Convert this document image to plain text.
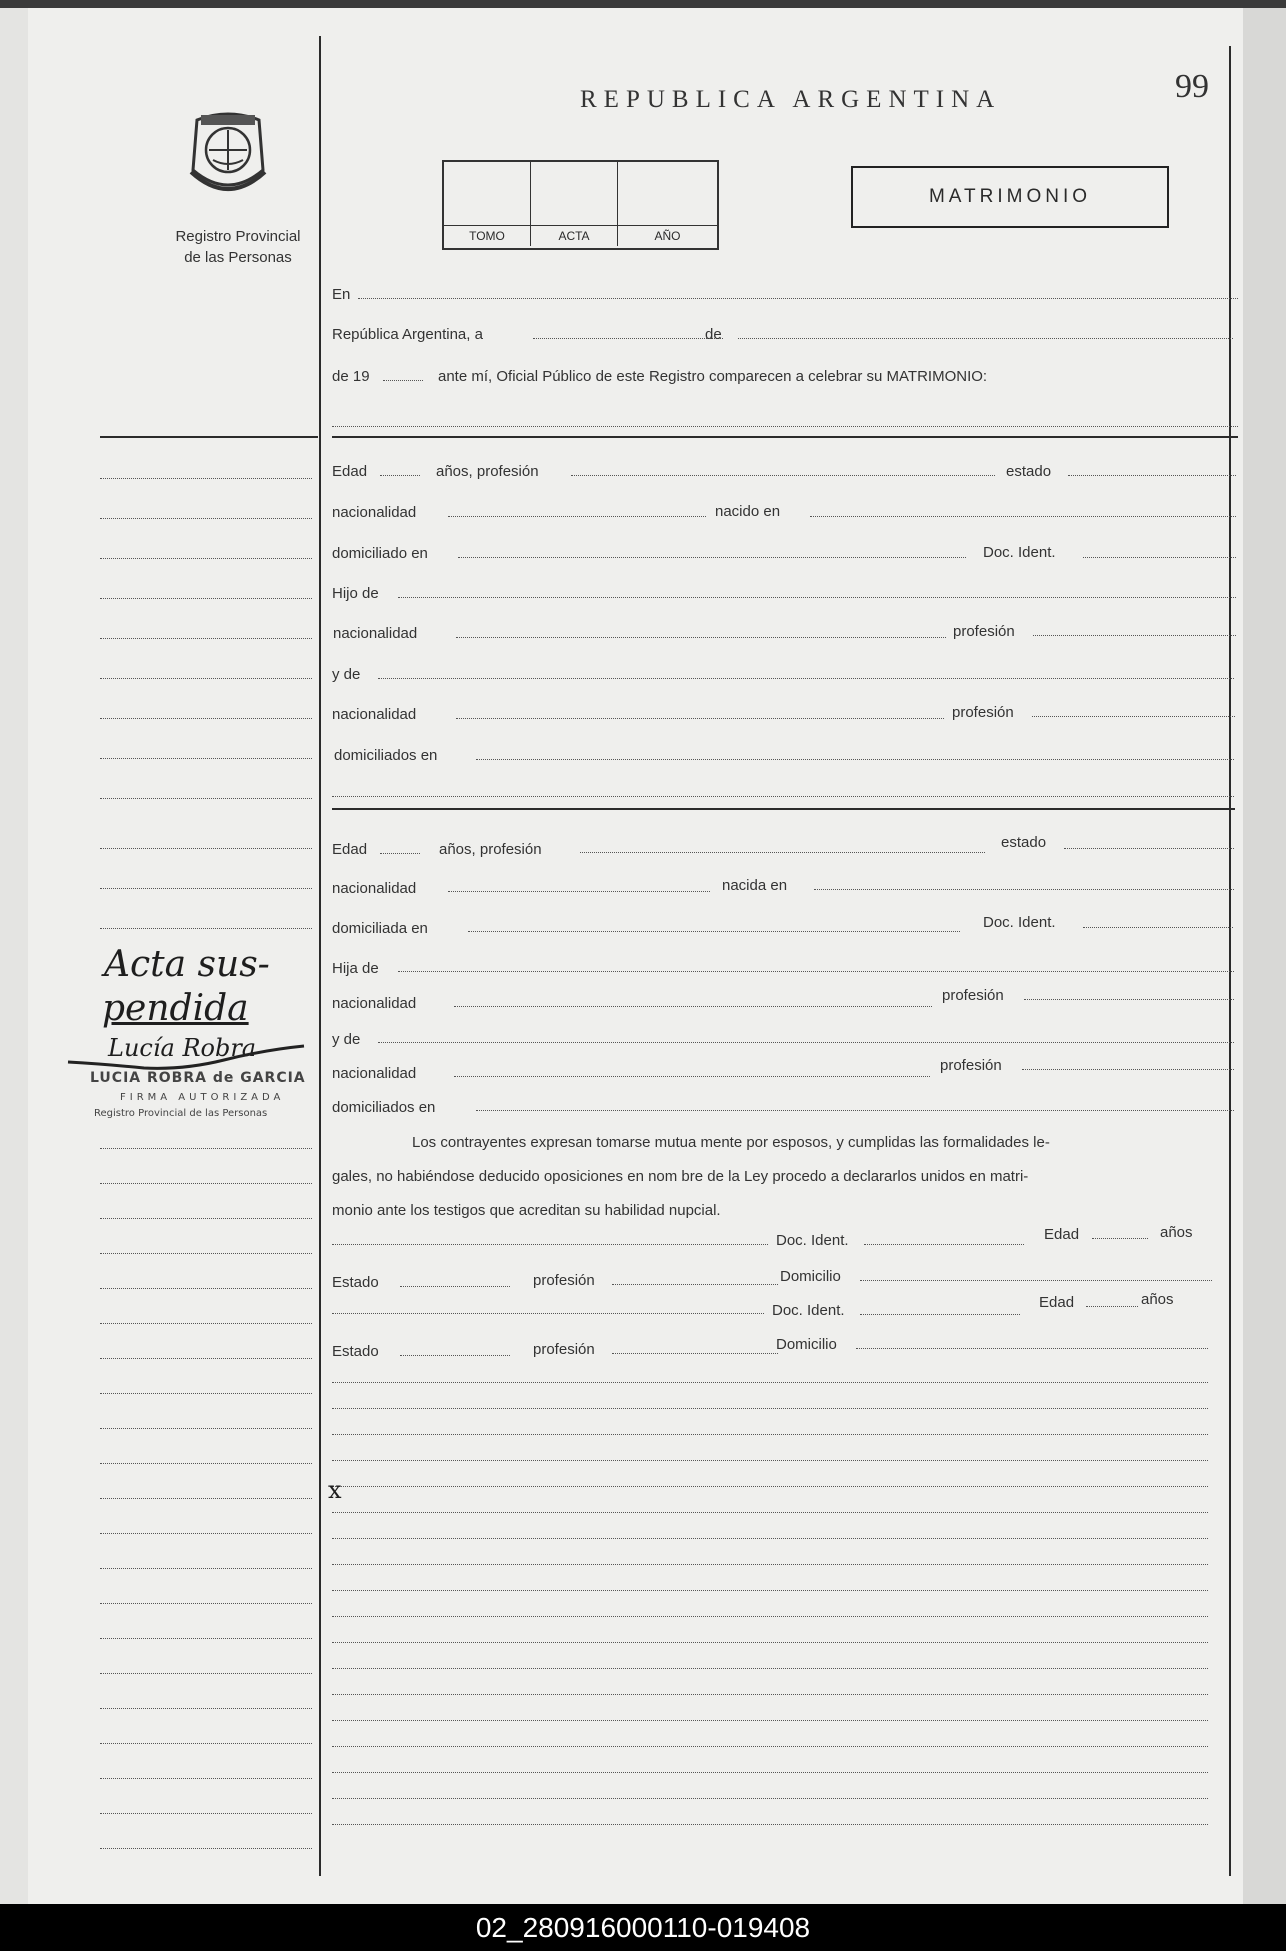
Registro Provincial
de las Personas
REPUBLICA ARGENTINA	99
TOMO	ACTA	AÑO
MATRIMONIO
En
República Argentina, a	de
de 19	ante mí, Oficial Público de este Registro comparecen a celebrar su MATRIMONIO:
Edad	años, profesión	estado
nacionalidad	nacido en
domiciliado en	Doc. Ident.
Hijo de
nacionalidad	profesión
y de
nacionalidad	profesión
domiciliados en
Edad	años, profesión	estado
nacionalidad	nacida en
domiciliada en	Doc. Ident.
Hija de
nacionalidad	profesión
y de
nacionalidad	profesión
domiciliados en
Los contrayentes expresan tomarse mutua mente por esposos, y cumplidas las formalidades le-
gales, no habiéndose deducido oposiciones en nom bre de la Ley procedo a declararlos unidos en matri-
monio ante los testigos que acreditan su habilidad nupcial.
Doc. Ident.	Edad	años
Estado	profesión	Domicilio
Doc. Ident.	Edad	años
Estado	profesión	Domicilio
Acta sus-
pendida
Lucía Robra
LUCIA ROBRA de GARCIA
FIRMA AUTORIZADA
Registro Provincial de las Personas
x
02_280916000110-019408
